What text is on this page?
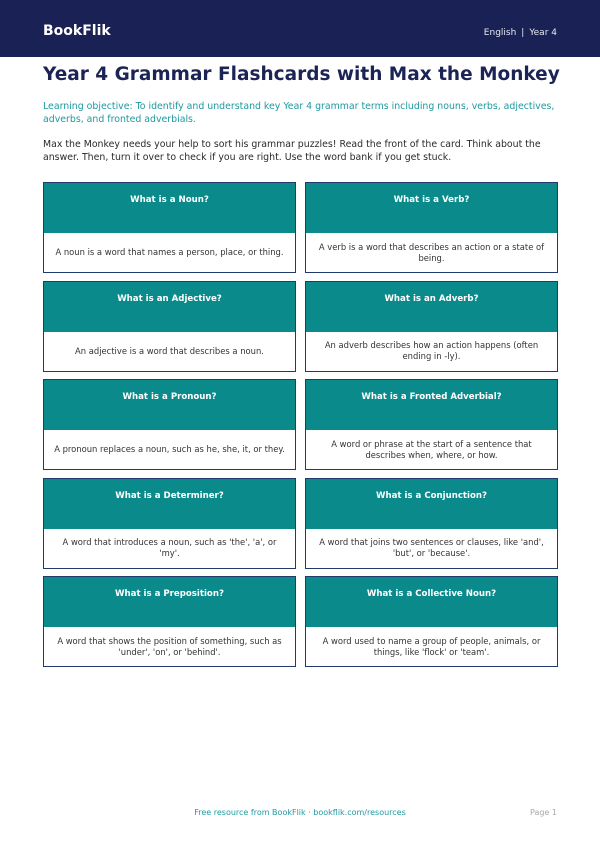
BookFlik	English | Year 4
Year 4 Grammar Flashcards with Max the Monkey
Learning objective: To identify and understand key Year 4 grammar terms including nouns, verbs, adjectives, adverbs, and fronted adverbials.
Max the Monkey needs your help to sort his grammar puzzles! Read the front of the card. Think about the answer. Then, turn it over to check if you are right. Use the word bank if you get stuck.
What is a Noun?
A noun is a word that names a person, place, or thing.
What is a Verb?
A verb is a word that describes an action or a state of being.
What is an Adjective?
An adjective is a word that describes a noun.
What is an Adverb?
An adverb describes how an action happens (often ending in -ly).
What is a Pronoun?
A pronoun replaces a noun, such as he, she, it, or they.
What is a Fronted Adverbial?
A word or phrase at the start of a sentence that describes when, where, or how.
What is a Determiner?
A word that introduces a noun, such as 'the', 'a', or 'my'.
What is a Conjunction?
A word that joins two sentences or clauses, like 'and', 'but', or 'because'.
What is a Preposition?
A word that shows the position of something, such as 'under', 'on', or 'behind'.
What is a Collective Noun?
A word used to name a group of people, animals, or things, like 'flock' or 'team'.
Free resource from BookFlik · bookflik.com/resources	Page 1
